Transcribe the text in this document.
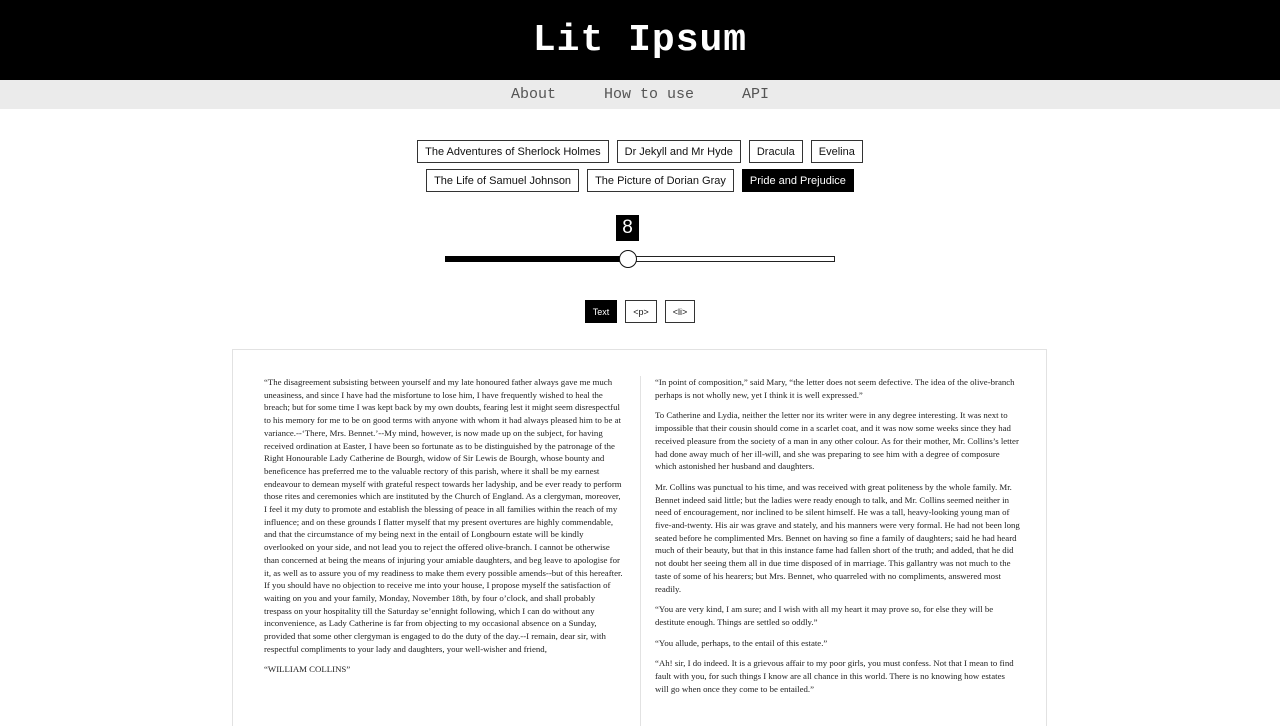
Lit Ipsum
About	How to use	API
The Adventures of Sherlock Holmes	Dr Jekyll and Mr Hyde	Dracula	Evelina
The Life of Samuel Johnson	The Picture of Dorian Gray	Pride and Prejudice
8
Text	<p>	<li>

“The disagreement subsisting between yourself and my late honoured father always gave me much uneasiness, and since I have had the misfortune to lose him, I have frequently wished to heal the breach; but for some time I was kept back by my own doubts, fearing lest it might seem disrespectful to his memory for me to be on good terms with anyone with whom it had always pleased him to be at variance.--‘There, Mrs. Bennet.’--My mind, however, is now made up on the subject, for having received ordination at Easter, I have been so fortunate as to be distinguished by the patronage of the Right Honourable Lady Catherine de Bourgh, widow of Sir Lewis de Bourgh, whose bounty and beneficence has preferred me to the valuable rectory of this parish, where it shall be my earnest endeavour to demean myself with grateful respect towards her ladyship, and be ever ready to perform those rites and ceremonies which are instituted by the Church of England. As a clergyman, moreover, I feel it my duty to promote and establish the blessing of peace in all families within the reach of my influence; and on these grounds I flatter myself that my present overtures are highly commendable, and that the circumstance of my being next in the entail of Longbourn estate will be kindly overlooked on your side, and not lead you to reject the offered olive-branch. I cannot be otherwise than concerned at being the means of injuring your amiable daughters, and beg leave to apologise for it, as well as to assure you of my readiness to make them every possible amends--but of this hereafter. If you should have no objection to receive me into your house, I propose myself the satisfaction of waiting on you and your family, Monday, November 18th, by four o’clock, and shall probably trespass on your hospitality till the Saturday se’ennight following, which I can do without any inconvenience, as Lady Catherine is far from objecting to my occasional absence on a Sunday, provided that some other clergyman is engaged to do the duty of the day.--I remain, dear sir, with respectful compliments to your lady and daughters, your well-wisher and friend,

“WILLIAM COLLINS”

“In point of composition,” said Mary, “the letter does not seem defective. The idea of the olive-branch perhaps is not wholly new, yet I think it is well expressed.”

To Catherine and Lydia, neither the letter nor its writer were in any degree interesting. It was next to impossible that their cousin should come in a scarlet coat, and it was now some weeks since they had received pleasure from the society of a man in any other colour. As for their mother, Mr. Collins’s letter had done away much of her ill-will, and she was preparing to see him with a degree of composure which astonished her husband and daughters.

Mr. Collins was punctual to his time, and was received with great politeness by the whole family. Mr. Bennet indeed said little; but the ladies were ready enough to talk, and Mr. Collins seemed neither in need of encouragement, nor inclined to be silent himself. He was a tall, heavy-looking young man of five-and-twenty. His air was grave and stately, and his manners were very formal. He had not been long seated before he complimented Mrs. Bennet on having so fine a family of daughters; said he had heard much of their beauty, but that in this instance fame had fallen short of the truth; and added, that he did not doubt her seeing them all in due time disposed of in marriage. This gallantry was not much to the taste of some of his hearers; but Mrs. Bennet, who quarreled with no compliments, answered most readily.

“You are very kind, I am sure; and I wish with all my heart it may prove so, for else they will be destitute enough. Things are settled so oddly.”

“You allude, perhaps, to the entail of this estate.”

“Ah! sir, I do indeed. It is a grievous affair to my poor girls, you must confess. Not that I mean to find fault with you, for such things I know are all chance in this world. There is no knowing how estates will go when once they come to be entailed.”
